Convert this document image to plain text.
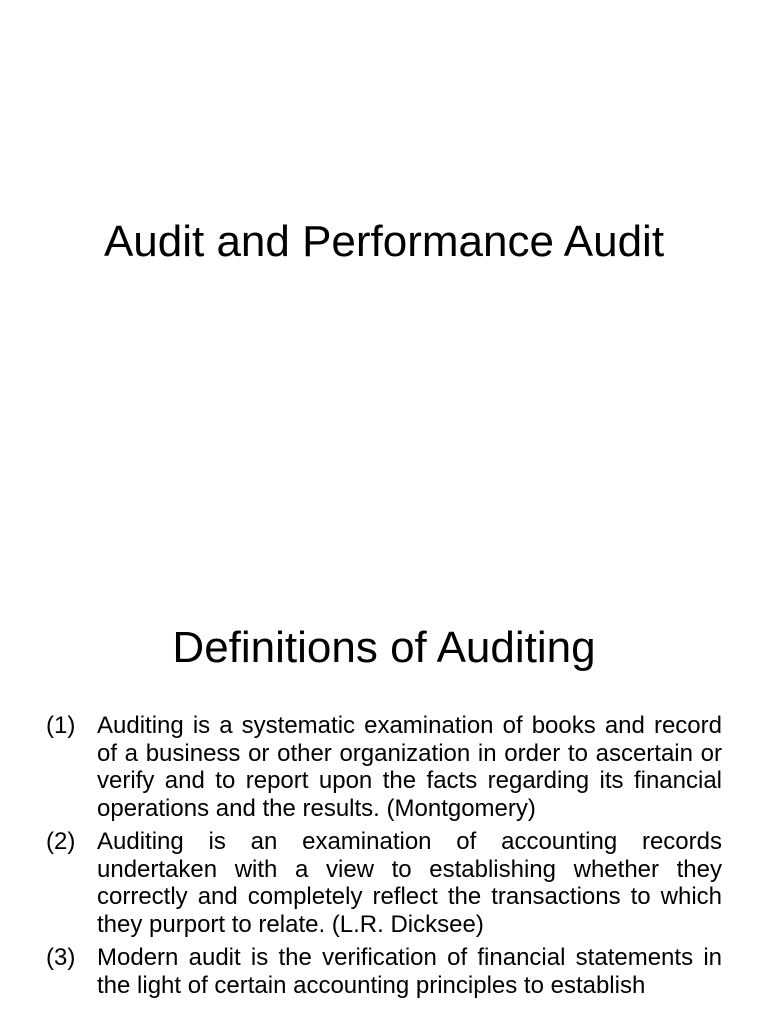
Audit and Performance Audit
Definitions of Auditing
(1) Auditing is a systematic examination of books and record of a business or other organization in order to ascertain or verify and to report upon the facts regarding its financial operations and the results. (Montgomery)
(2) Auditing is an examination of accounting records undertaken with a view to establishing whether they correctly and completely reflect the transactions to which they purport to relate. (L.R. Dicksee)
(3) Modern audit is the verification of financial statements in the light of certain accounting principles to establish
